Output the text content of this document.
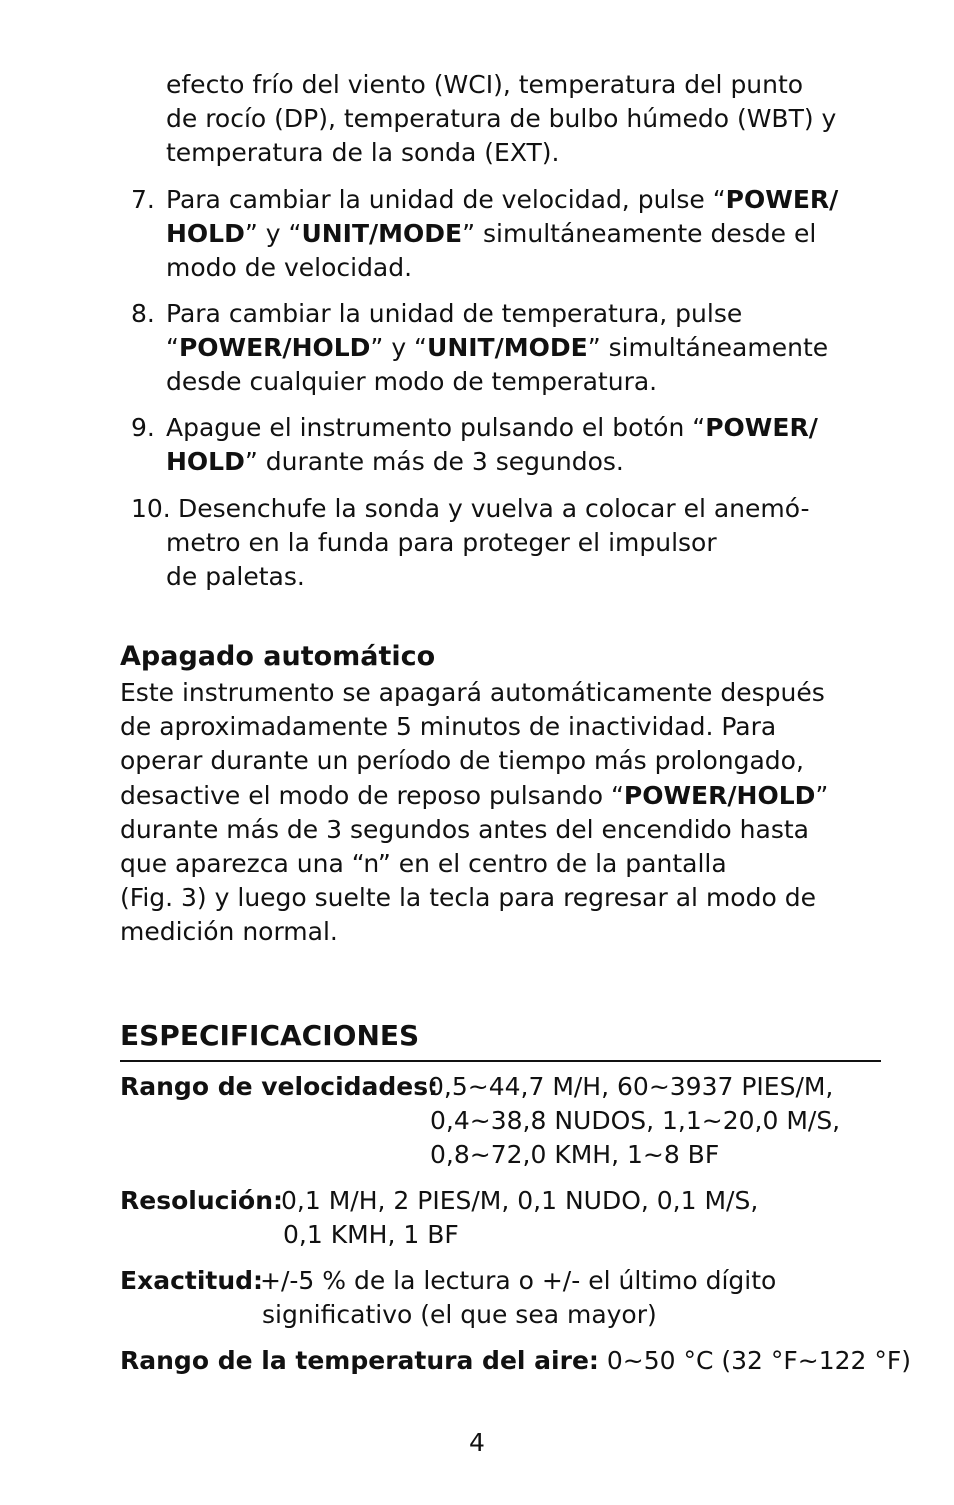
efecto frío del viento (WCI), temperatura del punto
de rocío (DP), temperatura de bulbo húmedo (WBT) y
temperatura de la sonda (EXT).
7. Para cambiar la unidad de velocidad, pulse “POWER/
HOLD” y “UNIT/MODE” simultáneamente desde el
modo de velocidad.
8. Para cambiar la unidad de temperatura, pulse
“POWER/HOLD” y “UNIT/MODE” simultáneamente
desde cualquier modo de temperatura.
9. Apague el instrumento pulsando el botón “POWER/
HOLD” durante más de 3 segundos.
10. Desenchufe la sonda y vuelva a colocar el anemó-
metro en la funda para proteger el impulsor
de paletas.
Apagado automático
Este instrumento se apagará automáticamente después
de aproximadamente 5 minutos de inactividad. Para
operar durante un período de tiempo más prolongado,
desactive el modo de reposo pulsando “POWER/HOLD”
durante más de 3 segundos antes del encendido hasta
que aparezca una “n” en el centro de la pantalla
(Fig. 3) y luego suelte la tecla para regresar al modo de
medición normal.
ESPECIFICACIONES
Rango de velocidades:
0,5~44,7 M/H, 60~3937 PIES/M,
0,4~38,8 NUDOS, 1,1~20,0 M/S,
0,8~72,0 KMH, 1~8 BF
Resolución:
0,1 M/H, 2 PIES/M, 0,1 NUDO, 0,1 M/S,
0,1 KMH, 1 BF
Exactitud:
+/-5 % de la lectura o +/- el último dígito
significativo (el que sea mayor)
Rango de la temperatura del aire: 0~50 °C (32 °F~122 °F)
4
